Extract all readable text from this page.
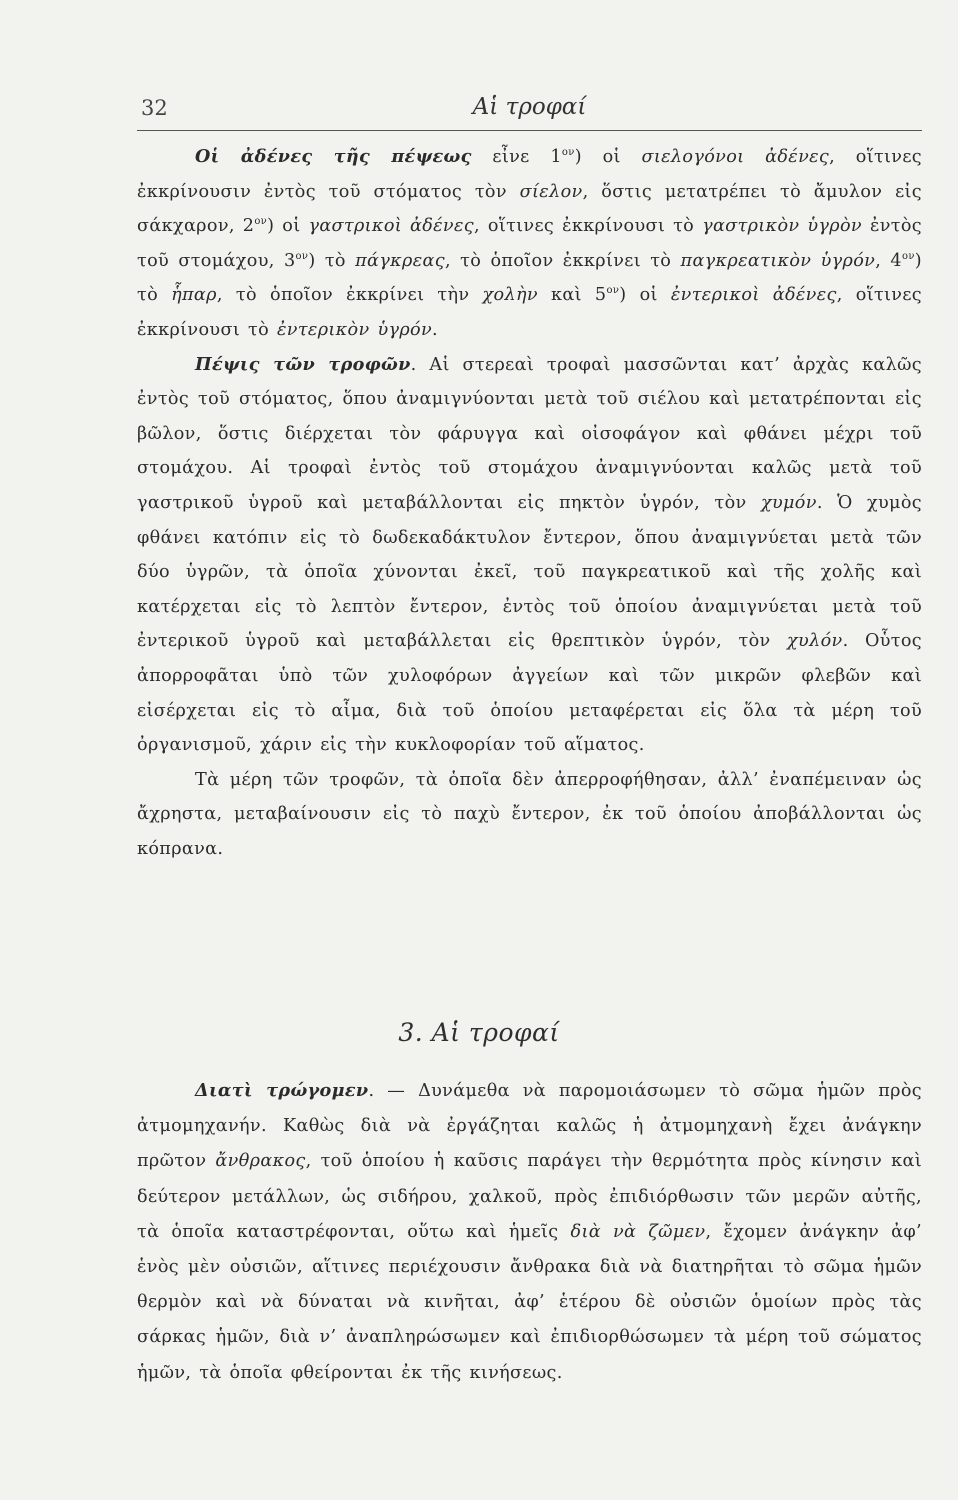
32	Αἱ τροφαί

Οἱ ἀδένες τῆς πέψεως εἶνε $1^{o\nu}$) οἱ σιελογόνοι ἀδένες, οἵτινες ἐκκρίνουσιν ἐντὸς τοῦ στόματος τὸν σίελον, ὅστις μετατρέπει τὸ ἄμυλον εἰς σάκχαρον, $2^{o\nu}$) οἱ γαστρικοὶ ἀδένες, οἵτινες ἐκκρίνουσι τὸ γαστρικὸν ὑγρὸν ἐντὸς τοῦ στομάχου, $3^{o\nu}$) τὸ πάγκρεας, τὸ ὁποῖον ἐκκρίνει τὸ παγκρεατικὸν ὑγρόν, $4^{o\nu}$) τὸ ἧπαρ, τὸ ὁποῖον ἐκκρίνει τὴν χολὴν καὶ $5^{o\nu}$) οἱ ἐντερικοὶ ἀδένες, οἵτινες ἐκκρίνουσι τὸ ἐντερικὸν ὑγρόν.

Πέψις τῶν τροφῶν. Αἱ στερεαὶ τροφαὶ μασσῶνται κατ’ ἀρχὰς καλῶς ἐντὸς τοῦ στόματος, ὅπου ἀναμιγνύονται μετὰ τοῦ σιέλου καὶ μετατρέπονται εἰς βῶλον, ὅστις διέρχεται τὸν φάρυγγα καὶ οἰσοφάγον καὶ φθάνει μέχρι τοῦ στομάχου. Αἱ τροφαὶ ἐντὸς τοῦ στομάχου ἀναμιγνύονται καλῶς μετὰ τοῦ γαστρικοῦ ὑγροῦ καὶ μεταβάλλονται εἰς πηκτὸν ὑγρόν, τὸν χυμόν. Ὁ χυμὸς φθάνει κατόπιν εἰς τὸ δωδεκαδάκτυλον ἔντερον, ὅπου ἀναμιγνύεται μετὰ τῶν δύο ὑγρῶν, τὰ ὁποῖα χύνονται ἐκεῖ, τοῦ παγκρεατικοῦ καὶ τῆς χολῆς καὶ κατέρχεται εἰς τὸ λεπτὸν ἔντερον, ἐντὸς τοῦ ὁποίου ἀναμιγνύεται μετὰ τοῦ ἐντερικοῦ ὑγροῦ καὶ μεταβάλλεται εἰς θρεπτικὸν ὑγρόν, τὸν χυλόν. Οὗτος ἀπορροφᾶται ὑπὸ τῶν χυλοφόρων ἀγγείων καὶ τῶν μικρῶν φλεβῶν καὶ εἰσέρχεται εἰς τὸ αἷμα, διὰ τοῦ ὁποίου μεταφέρεται εἰς ὅλα τὰ μέρη τοῦ ὀργανισμοῦ, χάριν εἰς τὴν κυκλοφορίαν τοῦ αἵματος.

Τὰ μέρη τῶν τροφῶν, τὰ ὁποῖα δὲν ἀπερροφήθησαν, ἀλλ’ ἐναπέμειναν ὡς ἄχρηστα, μεταβαίνουσιν εἰς τὸ παχὺ ἔντερον, ἐκ τοῦ ὁποίου ἀποβάλλονται ὡς κόπρανα.

3. Αἱ τροφαί

Διατὶ τρώγομεν. — Δυνάμεθα νὰ παρομοιάσωμεν τὸ σῶμα ἡμῶν πρὸς ἀτμομηχανήν. Καθὼς διὰ νὰ ἐργάζηται καλῶς ἡ ἀτμομηχανὴ ἔχει ἀνάγκην πρῶτον ἄνθρακος, τοῦ ὁποίου ἡ καῦσις παράγει τὴν θερμότητα πρὸς κίνησιν καὶ δεύτερον μετάλλων, ὡς σιδήρου, χαλκοῦ, πρὸς ἐπιδιόρθωσιν τῶν μερῶν αὐτῆς, τὰ ὁποῖα καταστρέφονται, οὕτω καὶ ἡμεῖς διὰ νὰ ζῶμεν, ἔχομεν ἀνάγκην ἀφ’ ἑνὸς μὲν οὐσιῶν, αἵτινες περιέχουσιν ἄνθρακα διὰ νὰ διατηρῆται τὸ σῶμα ἡμῶν θερμὸν καὶ νὰ δύναται νὰ κινῆται, ἀφ’ ἑτέρου δὲ οὐσιῶν ὁμοίων πρὸς τὰς σάρκας ἡμῶν, διὰ ν’ ἀναπληρώσωμεν καὶ ἐπιδιορθώσωμεν τὰ μέρη τοῦ σώματος ἡμῶν, τὰ ὁποῖα φθείρονται ἐκ τῆς κινήσεως.
